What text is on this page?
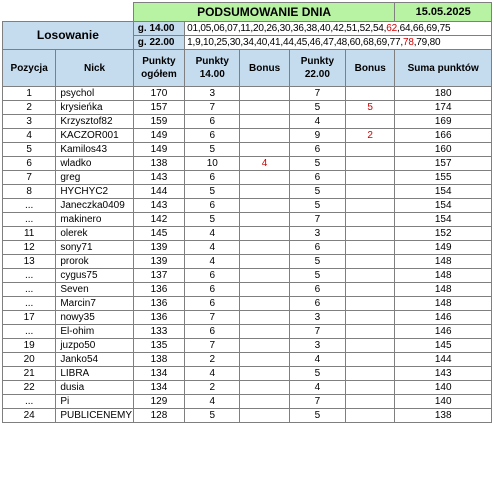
		PODSUMOWANIE DNIA					15.05.2025
Losowanie		g. 14.00	01,05,06,07,11,20,26,30,36,38,40,42,51,52,54,62,64,66,69,75				
		g. 22.00	1,9,10,25,30,34,40,41,44,45,46,47,48,60,68,69,77,78,79,80				
Pozycja	Nick	Punkty ogółem	Punkty 14.00	Bonus	Punkty 22.00	Bonus	Suma punktów
1	psychol	170	3		7		180
2	krysieńka	157	7		5	5	174
3	Krzysztof82	159	6		4		169
4	KACZOR001	149	6		9	2	166
5	Kamilos43	149	5		6		160
6	wladko	138	10	4	5		157
7	greg	143	6		6		155
8	HYCHYC2	144	5		5		154
...	Janeczka0409	143	6		5		154
...	makinero	142	5		7		154
11	olerek	145	4		3		152
12	sony71	139	4		6		149
13	prorok	139	4		5		148
...	cygus75	137	6		5		148
...	Seven	136	6		6		148
...	Marcin7	136	6		6		148
17	nowy35	136	7		3		146
...	El-ohim	133	6		7		146
19	juzpo50	135	7		3		145
20	Janko54	138	2		4		144
21	LIBRA	134	4		5		143
22	dusia	134	2		4		140
...	Pi	129	4		7		140
24	PUBLICENEMY	128	5		5		138
